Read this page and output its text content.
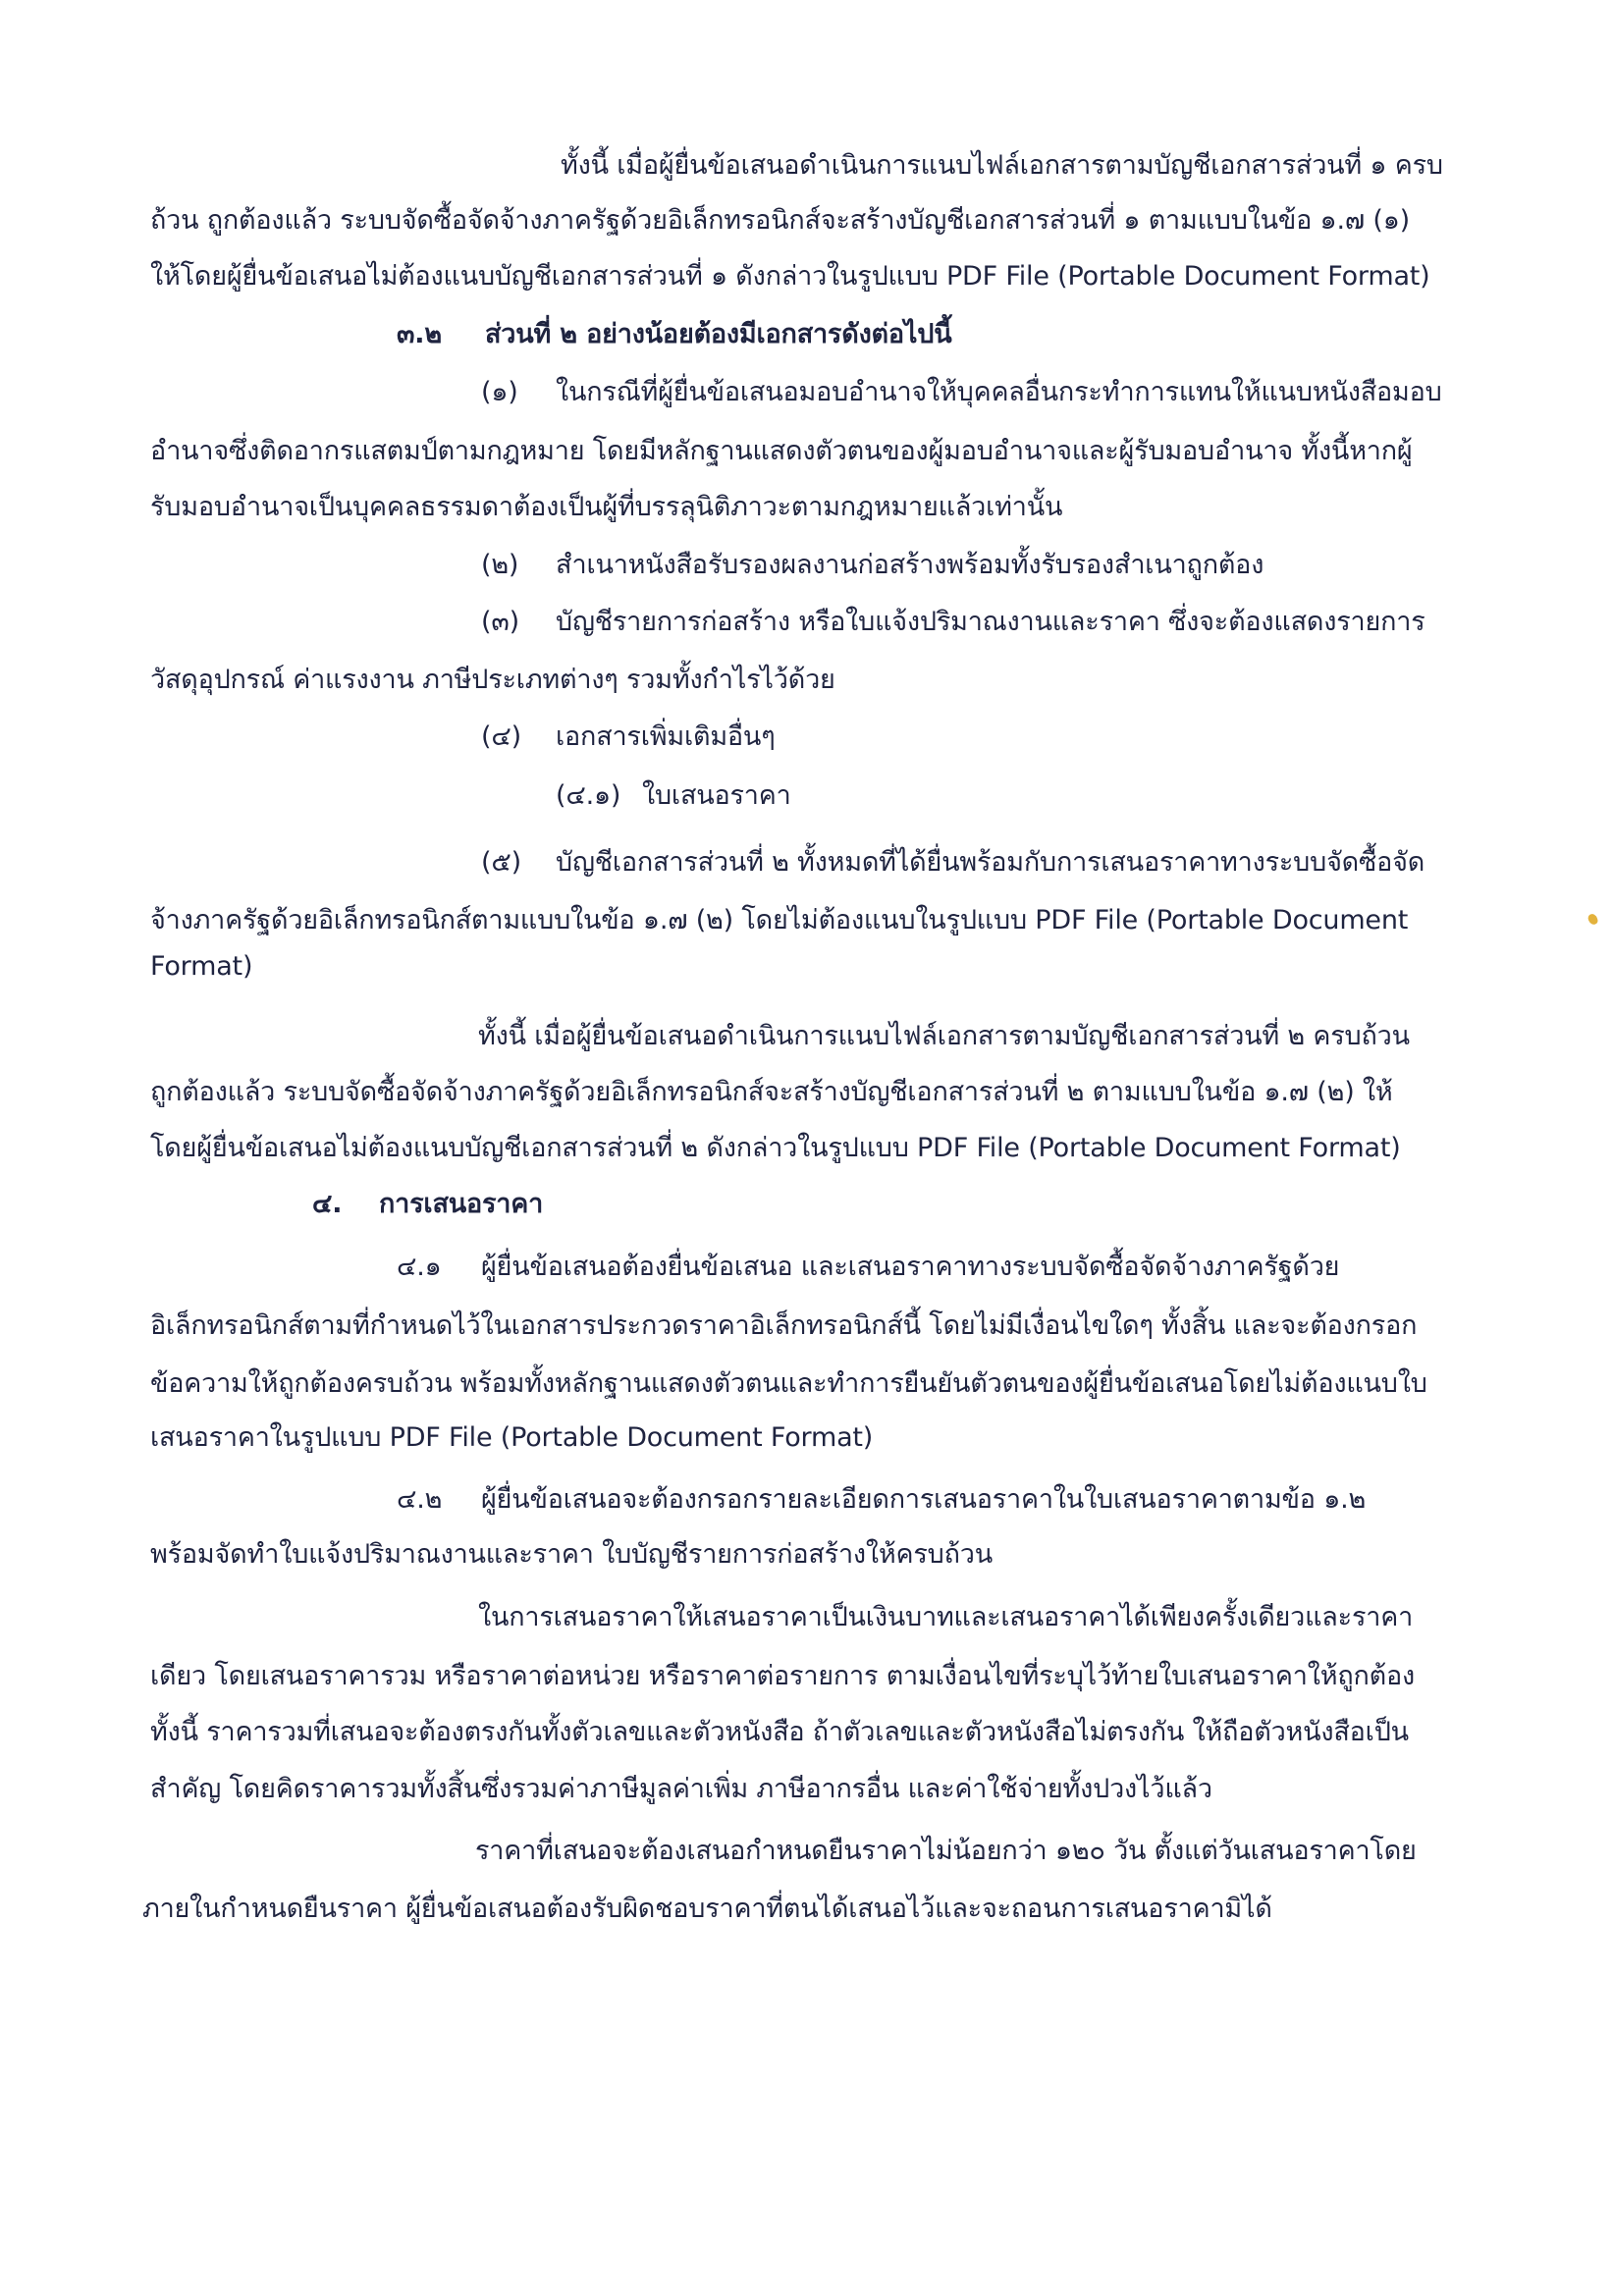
ทั้งนี้ เมื่อผู้ยื่นข้อเสนอดำเนินการแนบไฟล์เอกสารตามบัญชีเอกสารส่วนที่ ๑ ครบ
ถ้วน ถูกต้องแล้ว ระบบจัดซื้อจัดจ้างภาครัฐด้วยอิเล็กทรอนิกส์จะสร้างบัญชีเอกสารส่วนที่ ๑ ตามแบบในข้อ ๑.๗ (๑)
ให้โดยผู้ยื่นข้อเสนอไม่ต้องแนบบัญชีเอกสารส่วนที่ ๑ ดังกล่าวในรูปแบบ PDF File (Portable Document Format)
๓.๒ ส่วนที่ ๒ อย่างน้อยต้องมีเอกสารดังต่อไปนี้
(๑) ในกรณีที่ผู้ยื่นข้อเสนอมอบอำนาจให้บุคคลอื่นกระทำการแทนให้แนบหนังสือมอบ
อำนาจซึ่งติดอากรแสตมป์ตามกฎหมาย โดยมีหลักฐานแสดงตัวตนของผู้มอบอำนาจและผู้รับมอบอำนาจ ทั้งนี้หากผู้
รับมอบอำนาจเป็นบุคคลธรรมดาต้องเป็นผู้ที่บรรลุนิติภาวะตามกฎหมายแล้วเท่านั้น
(๒) สำเนาหนังสือรับรองผลงานก่อสร้างพร้อมทั้งรับรองสำเนาถูกต้อง
(๓) บัญชีรายการก่อสร้าง หรือใบแจ้งปริมาณงานและราคา ซึ่งจะต้องแสดงรายการ
วัสดุอุปกรณ์ ค่าแรงงาน ภาษีประเภทต่างๆ รวมทั้งกำไรไว้ด้วย
(๔) เอกสารเพิ่มเติมอื่นๆ
(๔.๑) ใบเสนอราคา
(๕) บัญชีเอกสารส่วนที่ ๒ ทั้งหมดที่ได้ยื่นพร้อมกับการเสนอราคาทางระบบจัดซื้อจัด
จ้างภาครัฐด้วยอิเล็กทรอนิกส์ตามแบบในข้อ ๑.๗ (๒) โดยไม่ต้องแนบในรูปแบบ PDF File (Portable Document
Format)
ทั้งนี้ เมื่อผู้ยื่นข้อเสนอดำเนินการแนบไฟล์เอกสารตามบัญชีเอกสารส่วนที่ ๒ ครบถ้วน
ถูกต้องแล้ว ระบบจัดซื้อจัดจ้างภาครัฐด้วยอิเล็กทรอนิกส์จะสร้างบัญชีเอกสารส่วนที่ ๒ ตามแบบในข้อ ๑.๗ (๒) ให้
โดยผู้ยื่นข้อเสนอไม่ต้องแนบบัญชีเอกสารส่วนที่ ๒ ดังกล่าวในรูปแบบ PDF File (Portable Document Format)
๔. การเสนอราคา
๔.๑ ผู้ยื่นข้อเสนอต้องยื่นข้อเสนอ และเสนอราคาทางระบบจัดซื้อจัดจ้างภาครัฐด้วย
อิเล็กทรอนิกส์ตามที่กำหนดไว้ในเอกสารประกวดราคาอิเล็กทรอนิกส์นี้ โดยไม่มีเงื่อนไขใดๆ ทั้งสิ้น และจะต้องกรอก
ข้อความให้ถูกต้องครบถ้วน พร้อมทั้งหลักฐานแสดงตัวตนและทำการยืนยันตัวตนของผู้ยื่นข้อเสนอโดยไม่ต้องแนบใบ
เสนอราคาในรูปแบบ PDF File (Portable Document Format)
๔.๒ ผู้ยื่นข้อเสนอจะต้องกรอกรายละเอียดการเสนอราคาในใบเสนอราคาตามข้อ ๑.๒
พร้อมจัดทำใบแจ้งปริมาณงานและราคา ใบบัญชีรายการก่อสร้างให้ครบถ้วน
ในการเสนอราคาให้เสนอราคาเป็นเงินบาทและเสนอราคาได้เพียงครั้งเดียวและราคา
เดียว โดยเสนอราคารวม หรือราคาต่อหน่วย หรือราคาต่อรายการ ตามเงื่อนไขที่ระบุไว้ท้ายใบเสนอราคาให้ถูกต้อง
ทั้งนี้ ราคารวมที่เสนอจะต้องตรงกันทั้งตัวเลขและตัวหนังสือ ถ้าตัวเลขและตัวหนังสือไม่ตรงกัน ให้ถือตัวหนังสือเป็น
สำคัญ โดยคิดราคารวมทั้งสิ้นซึ่งรวมค่าภาษีมูลค่าเพิ่ม ภาษีอากรอื่น และค่าใช้จ่ายทั้งปวงไว้แล้ว
ราคาที่เสนอจะต้องเสนอกำหนดยืนราคาไม่น้อยกว่า ๑๒๐ วัน ตั้งแต่วันเสนอราคาโดย
ภายในกำหนดยืนราคา ผู้ยื่นข้อเสนอต้องรับผิดชอบราคาที่ตนได้เสนอไว้และจะถอนการเสนอราคามิได้
